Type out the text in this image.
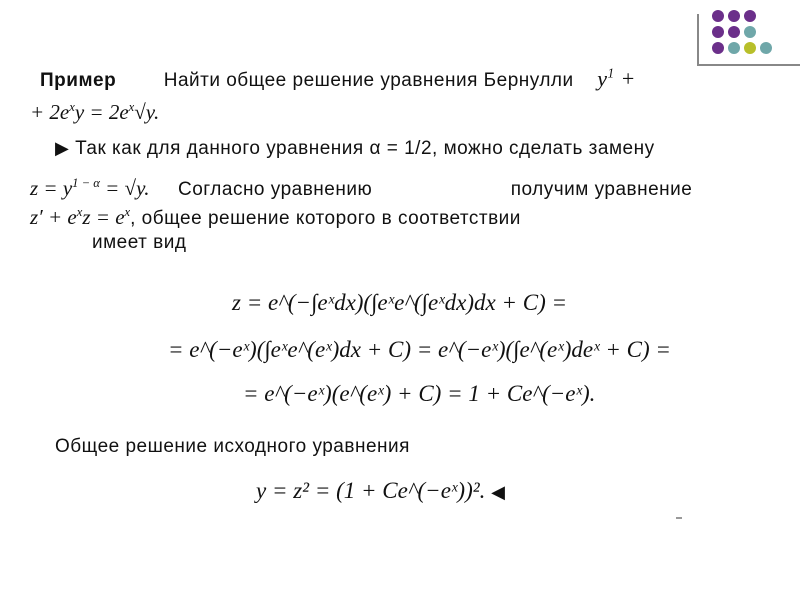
Пример	Найти общее решение уравнения Бернулли $y^1$ +
+ $2e^xy = 2e^x√y$.
▶ Так как для данного уравнения α = 1/2, можно сделать замену
$z = y^{1 - \alpha} = √y$. Согласно уравнению	получим уравнение
$z' + e^xz = e^x$, общее решение которого в соответствии
имеет вид
z = e^(−∫eˣdx)(∫eˣe^(∫eˣdx)dx + C) =
= e^(−eˣ)(∫eˣe^(eˣ)dx + C) = e^(−eˣ)(∫e^(eˣ)deˣ + C) =
= e^(−eˣ)(e^(eˣ) + C) = 1 + Ce^(−eˣ).
Общее решение исходного уравнения
y = z² = (1 + Ce^(−eˣ))². ◀
